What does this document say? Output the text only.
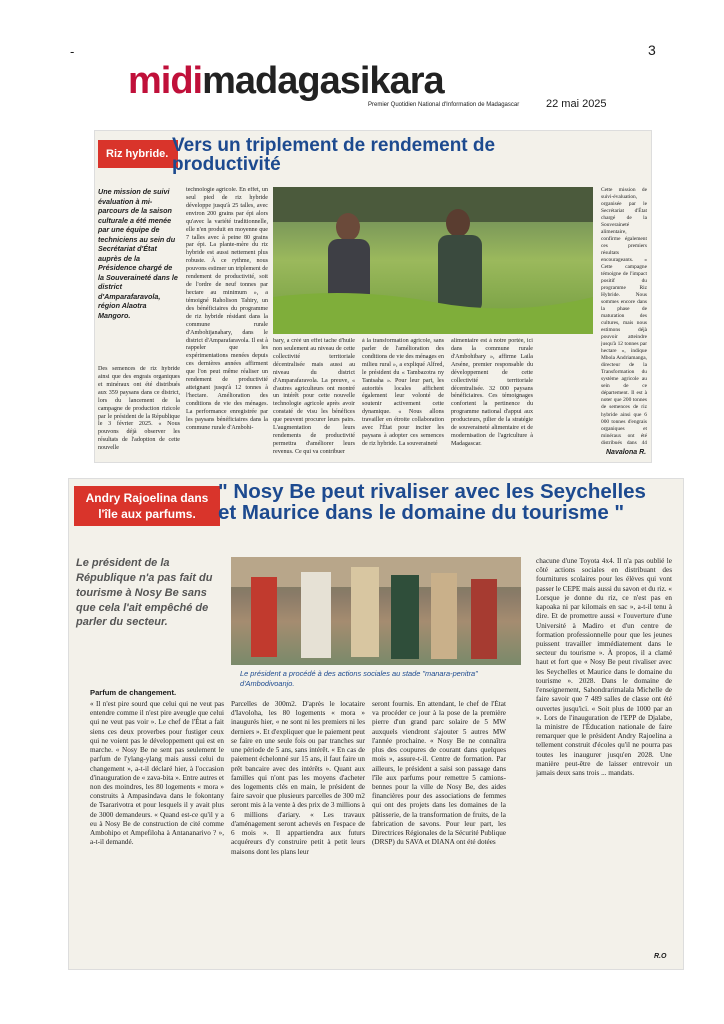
-	3
midimadagasikara
Premier Quotidien National d'Information de Madagascar 22 mai 2025
Riz hybride. Vers un triplement de rendement de productivité
Une mission de suivi évaluation à mi-parcours de la saison culturale a été menée par une équipe de techniciens au sein du Secrétariat d'État auprès de la Présidence chargé de la Souveraineté dans le district d'Amparafaravola, région Alaotra Mangoro.
Des semences de riz hybride ainsi que des engrais organiques et minéraux ont été distribués aux 359 paysans dans ce district, lors du lancement de la campagne de production rizicole par le président de la République le 3 février 2025. « Nous pouvons déjà observer les résultats de l'adoption de cette nouvelle
technologie agricole. En effet, un seul pied de riz hybride développe jusqu'à 25 talles, avec environ 200 grains par épi alors qu'avec la variété traditionnelle, elle n'en produit en moyenne que 7 talles avec à peine 80 grains par épi. La plante-mère du riz hybride est aussi nettement plus robuste. À ce rythme, nous pouvons estimer un triplement de rendement de productivité, soit de l'ordre de neuf tonnes par hectare au minimum », a témoigné Raholison Tahiry, un des bénéficiaires du programme de riz hybride résidant dans la commune rurale d'Ambohijanahary, dans le district d'Amparafaravola. Il est à rappeler que les expérimentations menées depuis ces dernières années affirment que l'on peut même réaliser un rendement de productivité atteignant jusqu'à 12 tonnes à l'hectare. Amélioration des conditions de vie des ménages. La performance enregistrée par les paysans bénéficiaires dans la commune rurale d'Ambohi-
bary, a créé un effet tache d'huile non seulement au niveau de cette collectivité territoriale décentralisée mais aussi au niveau du district d'Amparafaravola. La preuve, « d'autres agriculteurs ont montré un intérêt pour cette nouvelle technologie agricole après avoir constaté de visu les bénéfices que peuvent procurer leurs pairs. L'augmentation de leurs rendements de productivité permettra d'améliorer leurs revenus. Ce qui va contribuer
à la transformation agricole, sans parler de l'amélioration des conditions de vie des ménages en milieu rural », a expliqué Alfred, le président du « Tambazotra ny Tantsaha ». Pour leur part, les autorités locales affichent également leur volonté de soutenir activement cette dynamique. « Nous allons travailler en étroite collaboration avec l'État pour inciter les paysans à adopter ces semences de riz hybride. La souveraineté
alimentaire est à notre portée, ici dans la commune rurale d'Ambohibary », affirme Laila Arséne, premier responsable du développement de cette collectivité territoriale décentralisée. 32 000 paysans bénéficiaires. Ces témoignages confortent la pertinence du programme national d'appui aux producteurs, pilier de la stratégie de souveraineté alimentaire et de modernisation de l'agriculture à Madagascar.
Cette mission de suivi-évaluation, organisée par le Secrétariat d'État chargé de la Souveraineté alimentaire, confirme également ces premiers résultats encourageants. « Cette campagne témoigne de l'impact positif du programme Riz Hybride. Nous sommes encore dans la phase de maturation des cultures, mais nous estimons déjà pouvoir atteindre jusqu'à 12 tonnes par hectare », indique Mbola Andriamanga, directeur de la Transformation du système agricole au sein de ce département. Il est à noter que 200 tonnes de semences de riz hybride ainsi que 6 000 tonnes d'engrais organiques et minéraux ont été distribués dans 44
Navalona R.
Andry Rajoelina dans l'île aux parfums.
" Nosy Be peut rivaliser avec les Seychelles et Maurice dans le domaine du tourisme "
Le président de la République n'a pas fait du tourisme à Nosy Be sans que cela l'ait empêché de parler du secteur.
Le président a procédé à des actions sociales au stade "manara-penitra" d'Ambodivoanjo.
Parfum de changement.
« Il n'est pire sourd que celui qui ne veut pas entendre comme il n'est pire aveugle que celui qui ne veut pas voir ». Le chef de l'État a fait siens ces deux proverbes pour fustiger ceux qui ne voient pas le développement qui est en marche. « Nosy Be ne sent pas seulement le parfum de l'ylang-ylang mais aussi celui du changement », a-t-il déclaré hier, à l'occasion d'inauguration de « zava-bita ». Entre autres et non des moindres, les 80 logements « mora » construits à Ampasindava dans le fokontany de Tsararivotra et pour lesquels il y avait plus de 3000 demandeurs. « Quand est-ce qu'il y a eu à Nosy Be de construction de cité comme Ambohipo et Ampefiloha à Antananarivo ? », a-t-il demandé.
Parcelles de 300m2. D'après le locataire d'Iavoloha, les 80 logements « mora » inaugurés hier, « ne sont ni les premiers ni les derniers ». Et d'expliquer que le paiement peut se faire en une seule fois ou par tranches sur une période de 5 ans, sans intérêt. « En cas de paiement échelonné sur 15 ans, il faut faire un prêt bancaire avec des intérêts ». Quant aux familles qui n'ont pas les moyens d'acheter des logements clés en main, le président de faire savoir que plusieurs parcelles de 300 m2 seront mis à la vente à des prix de 3 millions à 6 millions d'ariary. « Les travaux d'aménagement seront achevés en l'espace de 6 mois ». Il appartiendra aux futurs acquéreurs d'y construire petit à petit leurs maisons dont les plans leur
seront fournis. En attendant, le chef de l'État va procéder ce jour à la pose de la première pierre d'un grand parc solaire de 5 MW auxquels viendront s'ajouter 5 autres MW l'année prochaine. « Nosy Be ne connaîtra plus des coupures de courant dans quelques mois », assure-t-il. Centre de formation. Par ailleurs, le président a saisi son passage dans l'île aux parfums pour remettre 5 camions-bennes pour la ville de Nosy Be, des aides financières pour des associations de femmes qui ont des projets dans les domaines de la pâtisserie, de la transformation de fruits, de la fabrication de savons. Pour leur part, les Directrices Régionales de la Sécurité Publique (DRSP) du SAVA et DIANA ont été dotées
chacune d'une Toyota 4x4. Il n'a pas oublié le côté actions sociales en distribuant des fournitures scolaires pour les élèves qui vont passer le CEPE mais aussi du savon et du riz. « Lorsque je donne du riz, ce n'est pas en kapoaka ni par kilomais en sac », a-t-il tenu à dire. Et de promettre aussi « l'ouverture d'une Université à Madiro et d'un centre de formation professionnelle pour que les jeunes puissent travailler immédiatement dans le secteur du tourisme ». À propos, il a clamé haut et fort que « Nosy Be peut rivaliser avec les Seychelles et Maurice dans le domaine du tourisme ». 2028. Dans le domaine de l'enseignement, Sahondrarimalala Michelle de faire savoir que 7 489 salles de classe ont été ouvertes jusqu'ici. « Soit plus de 1000 par an ». Lors de l'inauguration de l'EPP de Djalabe, la ministre de l'Éducation nationale de faire remarquer que le président Andry Rajoelina a tellement construit d'écoles qu'il ne pourra pas toutes les inaugurer jusqu'en 2028. Une manière peut-être de laisser entrevoir un jamais deux sans trois ... mandats.
R.O
